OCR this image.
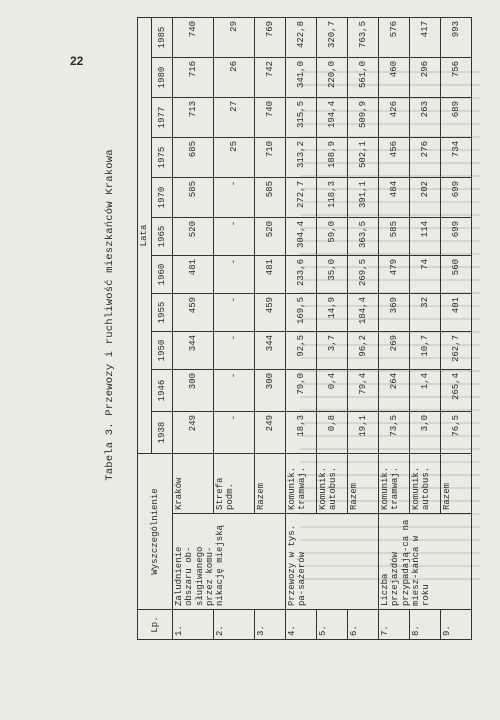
22
Tabela 3. Przewozy i ruchliwość mieszkańców Krakowa
Lp.	Wyszczególnienie		Lata										
			1938	1946	1950	1955	1960	1965	1970	1975	1977	1980	1985
1.	Zaludnienie obszaru ob-sługiwanego przez komu-nikację miejską	Kraków	249	300	344	459	481	520	585	685	713	716	740
2.		Strefa podm.	-	-	-	-	-	-	-	25	27	26	29
3.		Razem	249	300	344	459	481	520	585	710	740	742	769
4.	Przewozy w tys. pa-sażerów	Komunik. tramwaj.	18,3	79,0	92,5	169,5	233,6	304,4	272,7	313,2	315,5	341,0	422,8
5.		Komunik. autobus.	0,8	0,4	3,7	14,9	35,0	59,0	118,3	188,9	194,4	220,0	320,7
6.		Razem	19,1	79,4	96,2	184,4	269,5	363,5	391,1	502,1	509,9	561,0	763,5
7.	Liczba przejazdów przypadają-ca na miesz-kańca w roku	Komunik. tramwaj.	73,5	264	269	369	479	585	484	456	426	460	576
8.		Komunik. autobus.	3,0	1,4	10,7	32	74	114	202	276	263	296	417
9.		Razem	76,5	265,4	262,7	401	560	699	699	734	689	756	993
